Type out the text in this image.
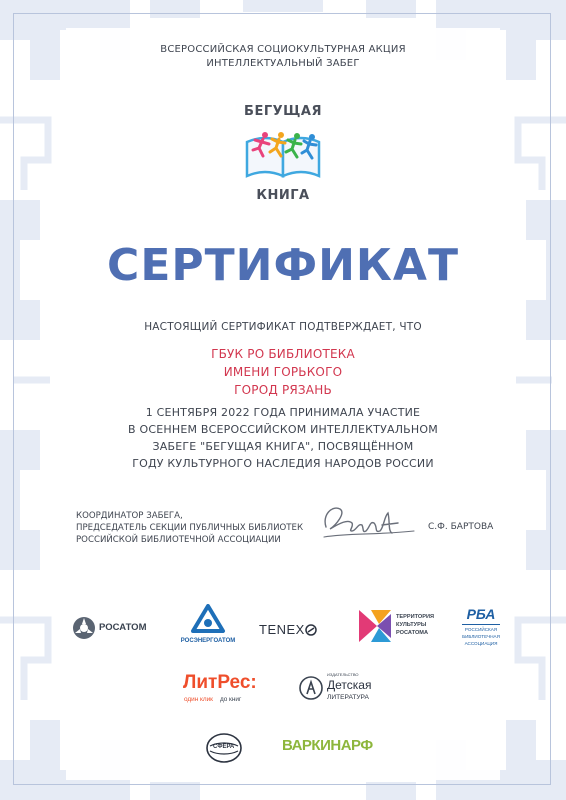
ВСЕРОССИЙСКАЯ СОЦИОКУЛЬТУРНАЯ АКЦИЯ
ИНТЕЛЛЕКТУАЛЬНЫЙ ЗАБЕГ
БЕГУЩАЯ
КНИГА
СЕРТИФИКАТ
НАСТОЯЩИЙ СЕРТИФИКАТ ПОДТВЕРЖДАЕТ, ЧТО
ГБУК РО БИБЛИОТЕКА
ИМЕНИ ГОРЬКОГО
ГОРОД РЯЗАНЬ
1 СЕНТЯБРЯ 2022 ГОДА ПРИНИМАЛА УЧАСТИЕ
В ОСЕННЕМ ВСЕРОССИЙСКОМ ИНТЕЛЛЕКТУАЛЬНОМ
ЗАБЕГЕ "БЕГУЩАЯ КНИГА", ПОСВЯЩЁННОМ
ГОДУ КУЛЬТУРНОГО НАСЛЕДИЯ НАРОДОВ РОССИИ
КООРДИНАТОР ЗАБЕГА,
ПРЕДСЕДАТЕЛЬ СЕКЦИИ ПУБЛИЧНЫХ БИБЛИОТЕК
РОССИЙСКОЙ БИБЛИОТЕЧНОЙ АССОЦИАЦИИ
С.Ф. БАРТОВА
РОСАТОМ
РОСЭНЕРГОАТОМ
TENEX
ТЕРРИТОРИЯ
КУЛЬТУРЫ
РОСАТОМА
РБА
РОССИЙСКАЯ
БИБЛИОТЕЧНАЯ
АССОЦИАЦИЯ
ЛитРес:
один клик до книг
ИЗДАТЕЛЬСТВО
Детская
ЛИТЕРАТУРА
СФЕРА	ВАРКИНАРФ
